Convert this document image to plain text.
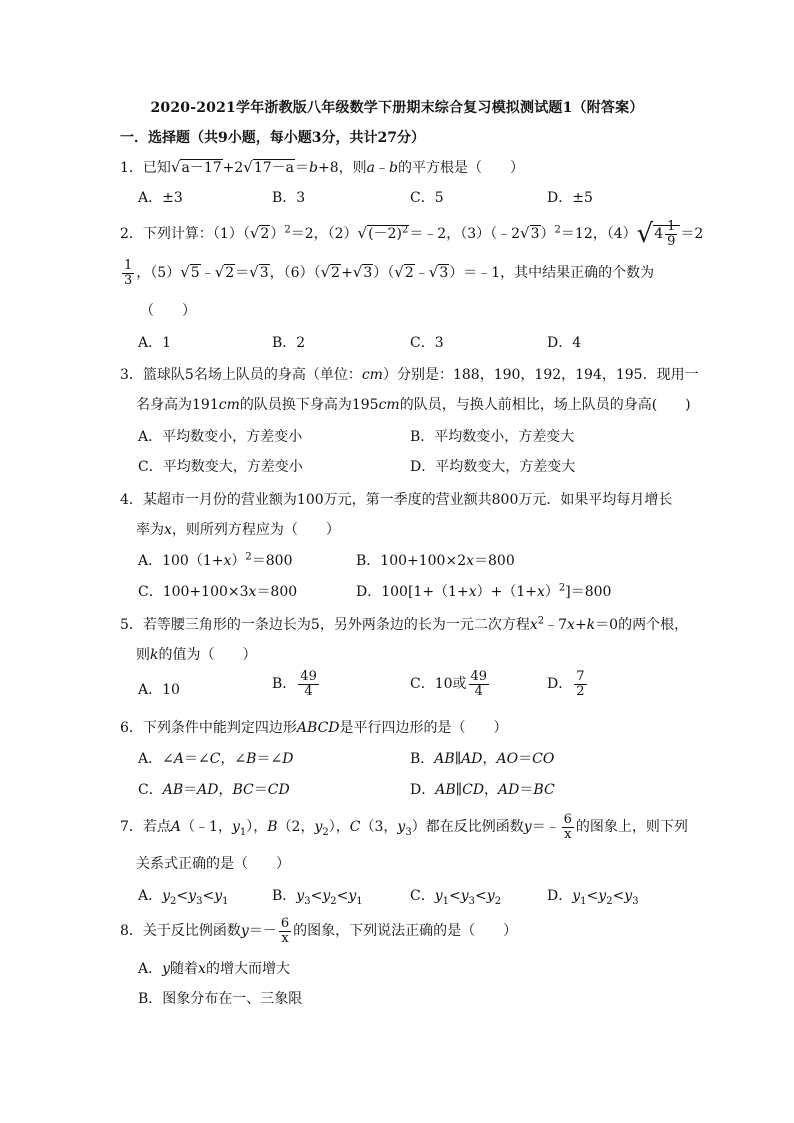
2020-2021学年浙教版八年级数学下册期末综合复习模拟测试题1（附答案）
一．选择题（共9小题，每小题3分，共计27分）
1．已知√a－17+2√17－a＝b+8，则a﹣b的平方根是（　　）
A．±3	B．3	C．5	D．±5
2．下列计算：$(1)(√2)^2=2$，$(2)√(-2)^2=﹣2$，（3）（﹣2√3）$^2$＝12，$(4)√4 \frac{1}{9} =2$
$\frac{1}{3}$ ，（5）√5﹣√2＝√3，（6）（√2+√3）（√2﹣√3）＝﹣1，其中结果正确的个数为
（　　）
A．1	B．2	C．3	D．4
3．篮球队5名场上队员的身高（单位：cm）分别是：188，190，192，194，195．现用一
名身高为191cm的队员换下身高为195cm的队员，与换人前相比，场上队员的身高(　　)
A．平均数变小，方差变小	B．平均数变小，方差变大
C．平均数变大，方差变小	D．平均数变大，方差变大
4．某超市一月份的营业额为100万元，第一季度的营业额共800万元．如果平均每月增长
率为x，则所列方程应为（　　）
A．$100(1+x)^2=800$	B．100+100×2x＝800
C．100+100×3x＝800	D．$100[1+(1+x)+(1+x)^2]=800$
5．若等腰三角形的一条边长为5，另外两条边的长为一元二次方程$x^2﹣7x+k=0$的两个根，
则k的值为（　　）
A．10	B． $\frac{49}{4}$	C．10或 $\frac{49}{4}$	D． $\frac{7}{2}$
6．下列条件中能判定四边形ABCD是平行四边形的是（　　）
A．∠A＝∠C，∠B＝∠D	B．AB∥AD，AO＝CO
C．AB＝AD，BC＝CD	D．AB∥CD，AD＝BC
7．若点A（﹣1，$y_1$），B（2，$y_2$），C（3，$y_3$）都在反比例函数y＝﹣ $\frac{6}{x}$ 的图象上，则下列
关系式正确的是（　　）
A．$y_2<y_3<y_1$	B．$y_3<y_2<y_1$	C．$y_1<y_3<y_2$	D．$y_1<y_2<y_3$
8．关于反比例函数$y=- \frac{6}{x}$ 的图象，下列说法正确的是（　　）
A．y随着x的增大而增大
B．图象分布在一、三象限
